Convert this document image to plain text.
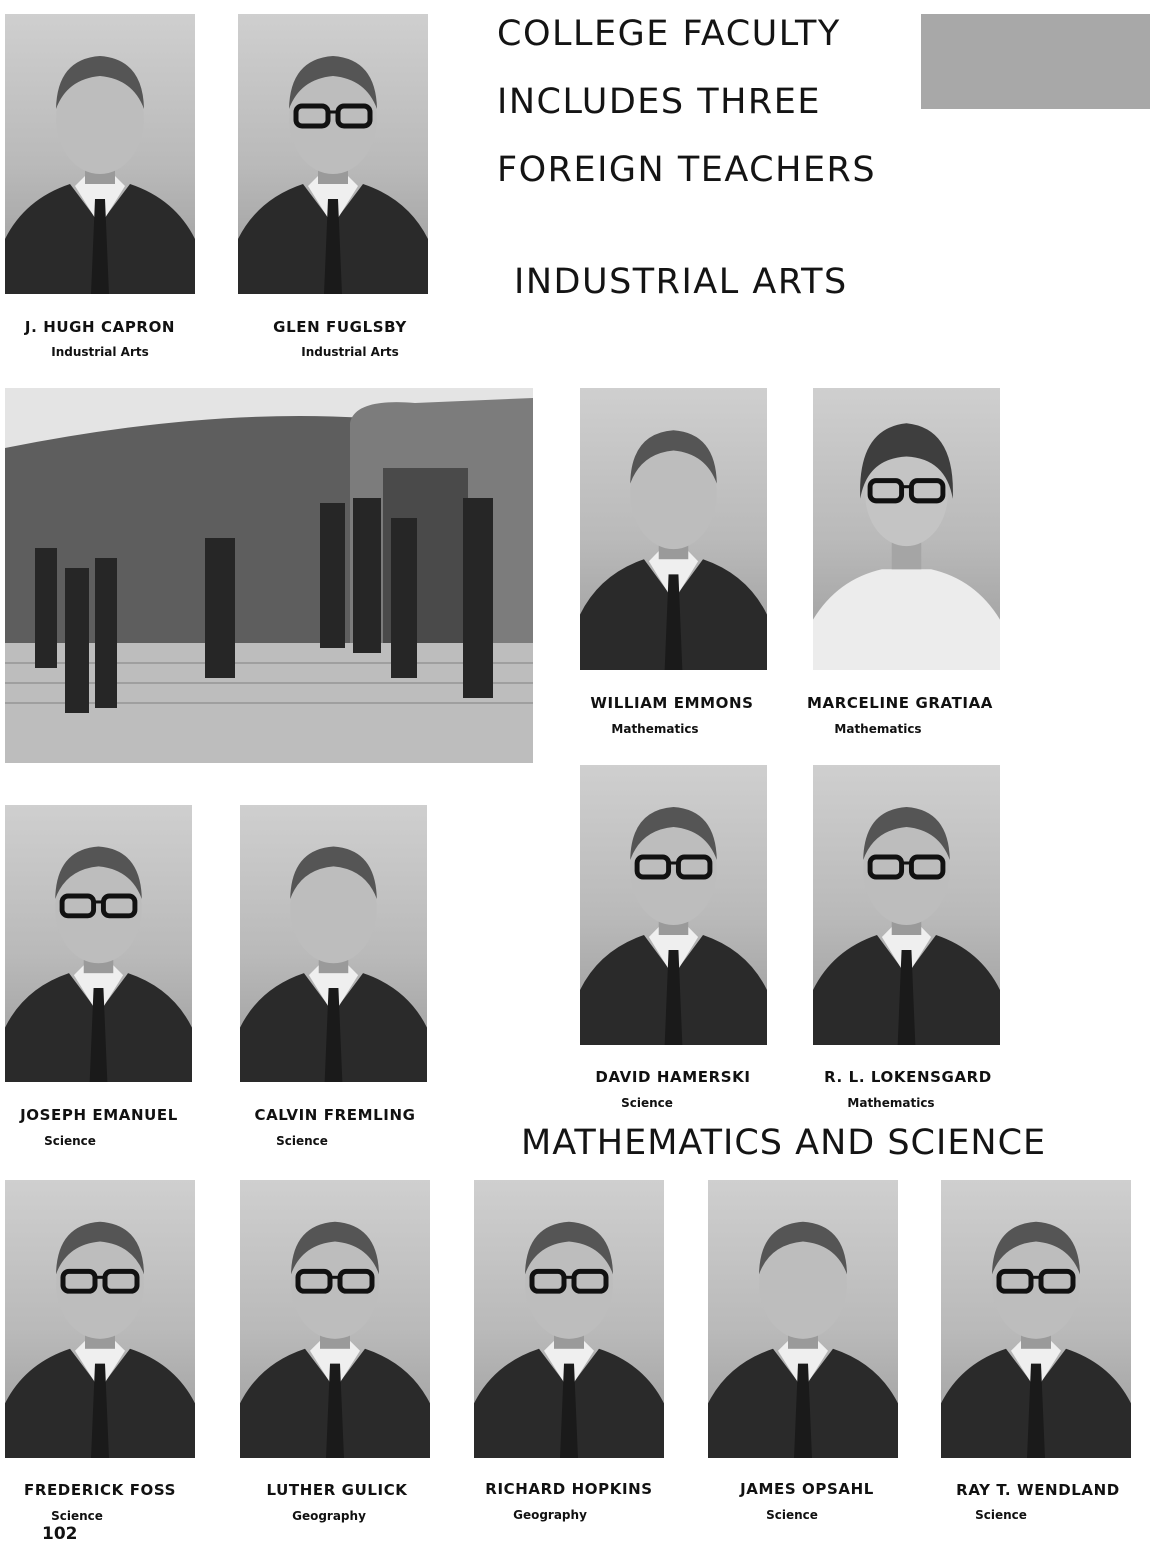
COLLEGE FACULTY
INCLUDES THREE
FOREIGN TEACHERS
INDUSTRIAL ARTS
MATHEMATICS AND SCIENCE
J. HUGH CAPRON
Industrial Arts
GLEN FUGLSBY
Industrial Arts
WILLIAM EMMONS
Mathematics
MARCELINE GRATIAA
Mathematics
DAVID HAMERSKI
Science
R. L. LOKENSGARD
Mathematics
JOSEPH EMANUEL
Science
CALVIN FREMLING
Science
FREDERICK FOSS
Science
102
LUTHER GULICK
Geography
RICHARD HOPKINS
Geography
JAMES OPSAHL
Science
RAY T. WENDLAND
Science
